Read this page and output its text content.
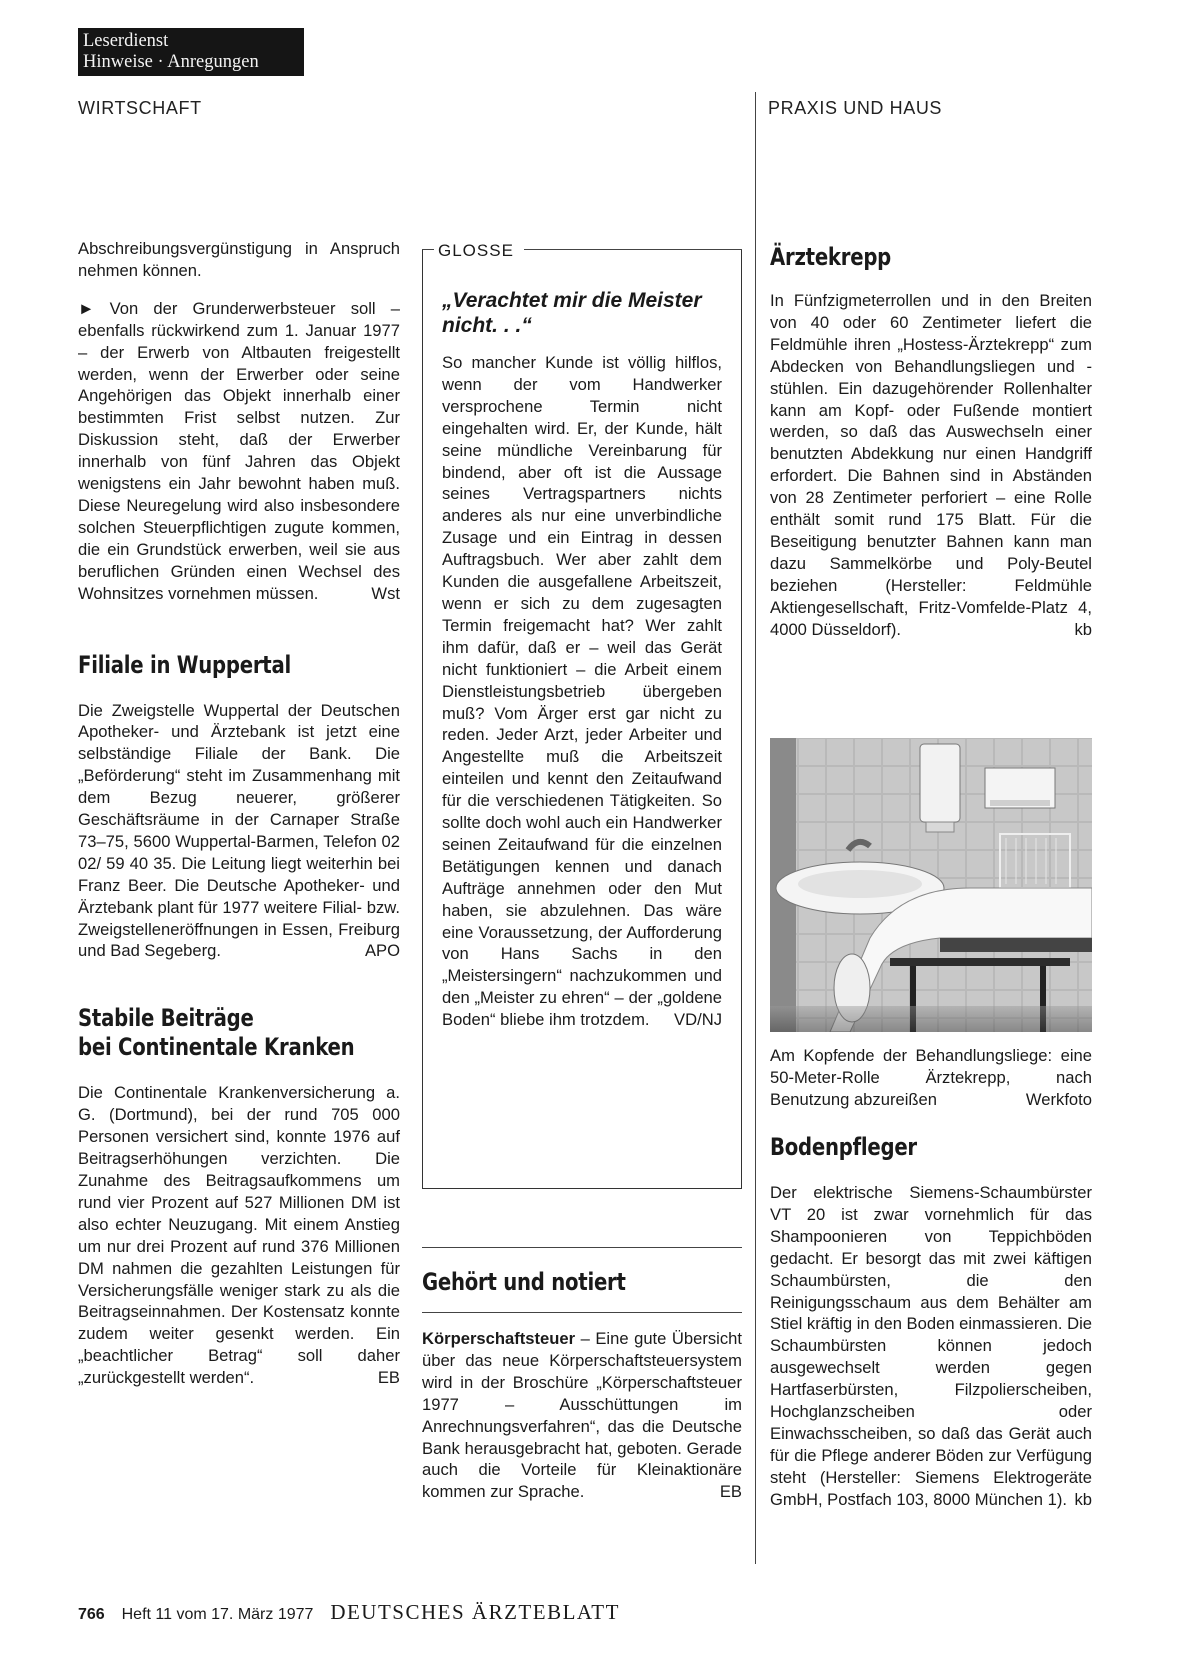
Leserdienst
Hinweise · Anregungen
WIRTSCHAFT	PRAXIS UND HAUS

Abschreibungsvergünstigung in Anspruch nehmen können.

► Von der Grunderwerbsteuer soll – ebenfalls rückwirkend zum 1. Januar 1977 – der Erwerb von Altbauten freigestellt werden, wenn der Erwerber oder seine Angehörigen das Objekt innerhalb einer bestimmten Frist selbst nutzen. Zur Diskussion steht, daß der Erwerber innerhalb von fünf Jahren das Objekt wenigstens ein Jahr bewohnt haben muß. Diese Neuregelung wird also insbesondere solchen Steuerpflichtigen zugute kommen, die ein Grundstück erwerben, weil sie aus beruflichen Gründen einen Wechsel des Wohnsitzes vornehmen müssen.	Wst

Filiale in Wuppertal

Die Zweigstelle Wuppertal der Deutschen Apotheker- und Ärztebank ist jetzt eine selbständige Filiale der Bank. Die „Beförderung“ steht im Zusammenhang mit dem Bezug neuerer, größerer Geschäftsräume in der Carnaper Straße 73–75, 5600 Wuppertal-Barmen, Telefon 02 02/ 59 40 35. Die Leitung liegt weiterhin bei Franz Beer. Die Deutsche Apotheker- und Ärztebank plant für 1977 weitere Filial- bzw. Zweigstelleneröffnungen in Essen, Freiburg und Bad Segeberg.	APO

Stabile Beiträge
bei Continentale Kranken

Die Continentale Krankenversicherung a. G. (Dortmund), bei der rund 705 000 Personen versichert sind, konnte 1976 auf Beitragserhöhungen verzichten. Die Zunahme des Beitragsaufkommens um rund vier Prozent auf 527 Millionen DM ist also echter Neuzugang. Mit einem Anstieg um nur drei Prozent auf rund 376 Millionen DM nahmen die gezahlten Leistungen für Versicherungsfälle weniger stark zu als die Beitragseinnahmen. Der Kostensatz konnte zudem weiter gesenkt werden. Ein „beachtlicher Betrag“ soll daher „zurückgestellt werden“.	EB

GLOSSE
„Verachtet mir die Meister nicht. . .“

So mancher Kunde ist völlig hilflos, wenn der vom Handwerker versprochene Termin nicht eingehalten wird. Er, der Kunde, hält seine mündliche Vereinbarung für bindend, aber oft ist die Aussage seines Vertragspartners nichts anderes als nur eine unverbindliche Zusage und ein Eintrag in dessen Auftragsbuch. Wer aber zahlt dem Kunden die ausgefallene Arbeitszeit, wenn er sich zu dem zugesagten Termin freigemacht hat? Wer zahlt ihm dafür, daß er – weil das Gerät nicht funktioniert – die Arbeit einem Dienstleistungsbetrieb übergeben muß? Vom Ärger erst gar nicht zu reden. Jeder Arzt, jeder Arbeiter und Angestellte muß die Arbeitszeit einteilen und kennt den Zeitaufwand für die verschiedenen Tätigkeiten. So sollte doch wohl auch ein Handwerker seinen Zeitaufwand für die einzelnen Betätigungen kennen und danach Aufträge annehmen oder den Mut haben, sie abzulehnen. Das wäre eine Voraussetzung, der Aufforderung von Hans Sachs in den „Meistersingern“ nachzukommen und den „Meister zu ehren“ – der „goldene Boden“ bliebe ihm trotzdem. VD/NJ

Gehört und notiert

Körperschaftsteuer – Eine gute Übersicht über das neue Körperschaftsteuersystem wird in der Broschüre „Körperschaftsteuer 1977 – Ausschüttungen im Anrechnungsverfahren“, das die Deutsche Bank herausgebracht hat, geboten. Gerade auch die Vorteile für Kleinaktionäre kommen zur Sprache.	EB

Ärztekrepp

In Fünfzigmeterrollen und in den Breiten von 40 oder 60 Zentimeter liefert die Feldmühle ihren „Hostess-Ärztekrepp“ zum Abdecken von Behandlungsliegen und -stühlen. Ein dazugehörender Rollenhalter kann am Kopf- oder Fußende montiert werden, so daß das Auswechseln einer benutzten Abdekkung nur einen Handgriff erfordert. Die Bahnen sind in Abständen von 28 Zentimeter perforiert – eine Rolle enthält somit rund 175 Blatt. Für die Beseitigung benutzter Bahnen kann man dazu Sammelkörbe und Poly-Beutel beziehen (Hersteller: Feldmühle Aktiengesellschaft, Fritz-Vomfelde-Platz 4, 4000 Düsseldorf).	kb

Am Kopfende der Behandlungsliege: eine 50-Meter-Rolle Ärztekrepp, nach Benutzung abzureißen	Werkfoto

Bodenpfleger

Der elektrische Siemens-Schaumbürster VT 20 ist zwar vornehmlich für das Shampoonieren von Teppichböden gedacht. Er besorgt das mit zwei käftigen Schaumbürsten, die den Reinigungsschaum aus dem Behälter am Stiel kräftig in den Boden einmassieren. Die Schaumbürsten können jedoch ausgewechselt werden gegen Hartfaserbürsten, Filzpolierscheiben, Hochglanzscheiben oder Einwachsscheiben, so daß das Gerät auch für die Pflege anderer Böden zur Verfügung steht (Hersteller: Siemens Elektrogeräte GmbH, Postfach 103, 8000 München 1). kb

766 Heft 11 vom 17. März 1977 DEUTSCHES ÄRZTEBLATT
